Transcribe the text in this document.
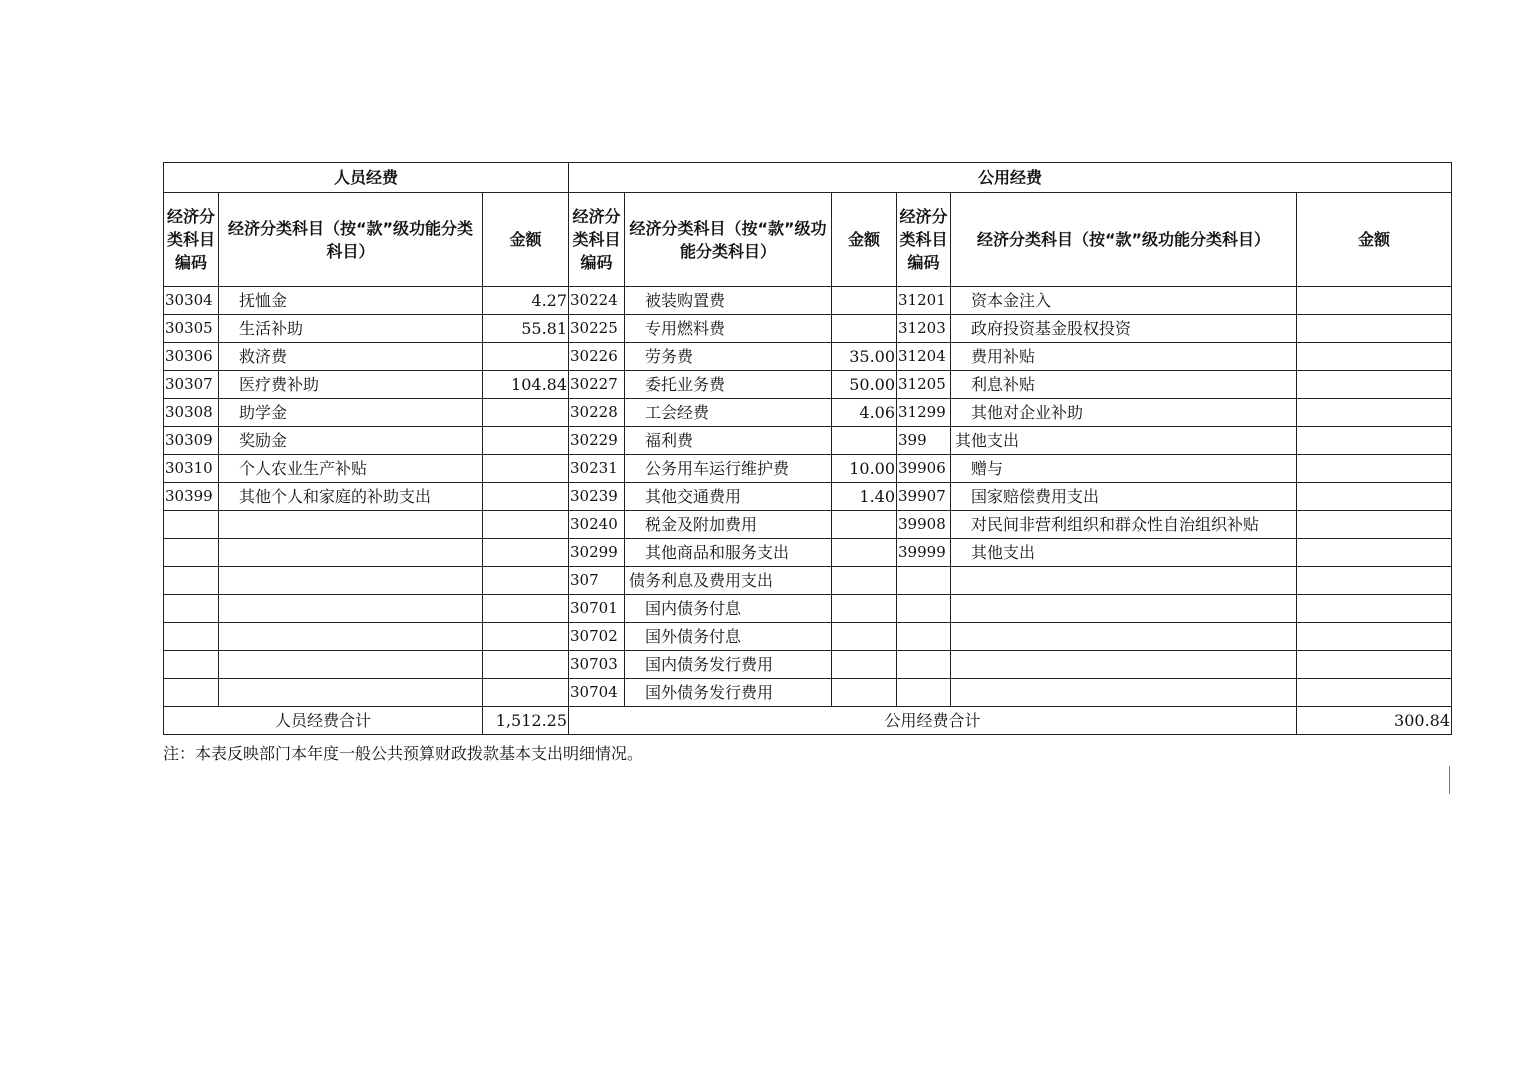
人员经费			公用经费					
经济分类科目编码	经济分类科目（按“款”级功能分类科目）	金额	经济分类科目编码	经济分类科目（按“款”级功能分类科目）	金额	经济分类科目编码	经济分类科目（按“款”级功能分类科目）	金额
30304	抚恤金	4.27	30224	被装购置费		31201	资本金注入	
30305	生活补助	55.81	30225	专用燃料费		31203	政府投资基金股权投资	
30306	救济费		30226	劳务费	35.00	31204	费用补贴	
30307	医疗费补助	104.84	30227	委托业务费	50.00	31205	利息补贴	
30308	助学金		30228	工会经费	4.06	31299	其他对企业补助	
30309	奖励金		30229	福利费		399	其他支出	
30310	个人农业生产补贴		30231	公务用车运行维护费	10.00	39906	赠与	
30399	其他个人和家庭的补助支出		30239	其他交通费用	1.40	39907	国家赔偿费用支出	
			30240	税金及附加费用		39908	对民间非营利组织和群众性自治组织补贴	
			30299	其他商品和服务支出		39999	其他支出	
			307	债务利息及费用支出				
			30701	国内债务付息				
			30702	国外债务付息				
			30703	国内债务发行费用				
			30704	国外债务发行费用				
人员经费合计		1,512.25	公用经费合计					300.84
注：本表反映部门本年度一般公共预算财政拨款基本支出明细情况。
